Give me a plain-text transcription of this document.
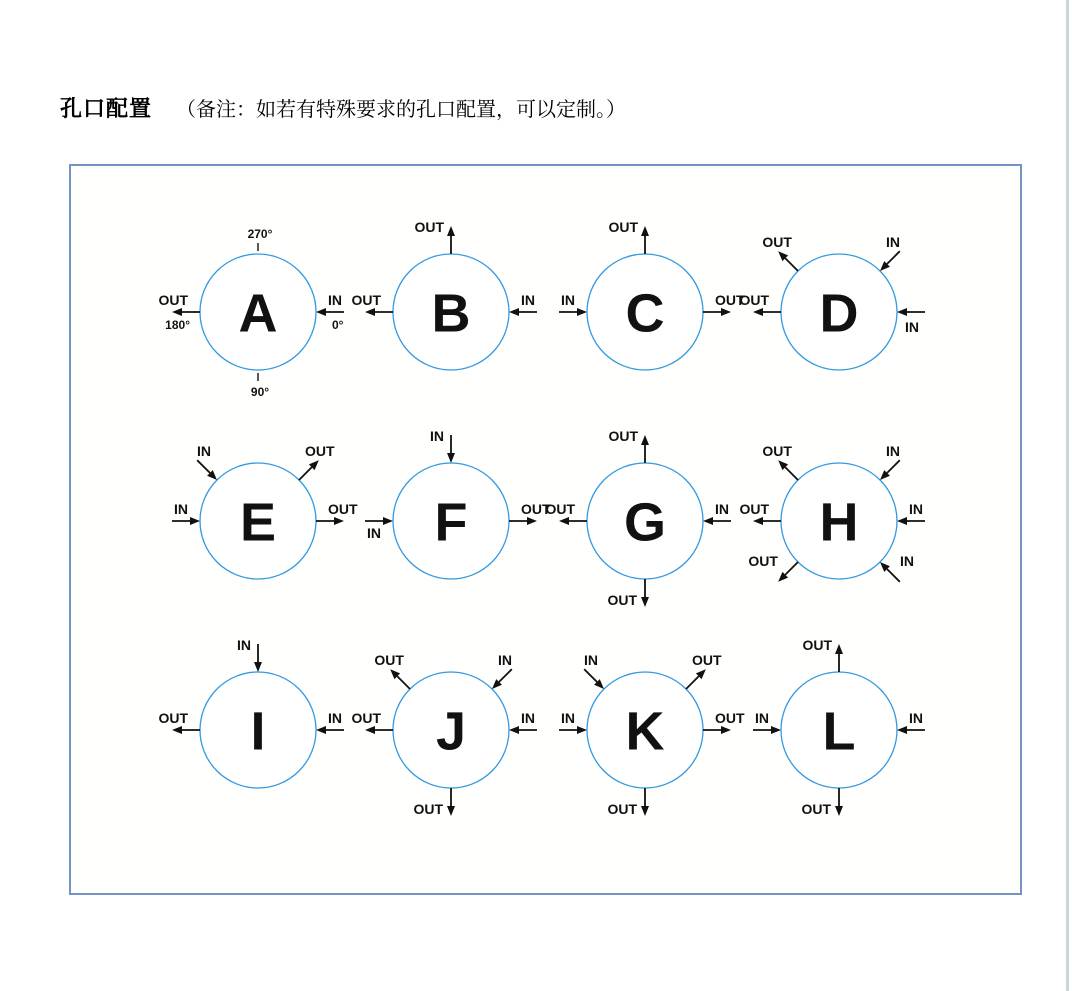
孔口配置 （备注：如若有特殊要求的孔口配置，可以定制。）
A
OUT	IN
270°
90°
180°	0° B
OUT
OUT	IN C
OUT
IN	OUT D
OUT
OUT
IN
IN
E
IN
IN
OUT
OUT F
IN
IN
OUT G
OUT
OUT	IN
OUT
H
OUT
OUT
OUT
IN
IN
IN
I
IN
OUT	IN J
OUT
OUT
IN
IN
OUT
K
IN
IN
OUT
OUT
OUT
L
OUT
IN	IN
OUT
